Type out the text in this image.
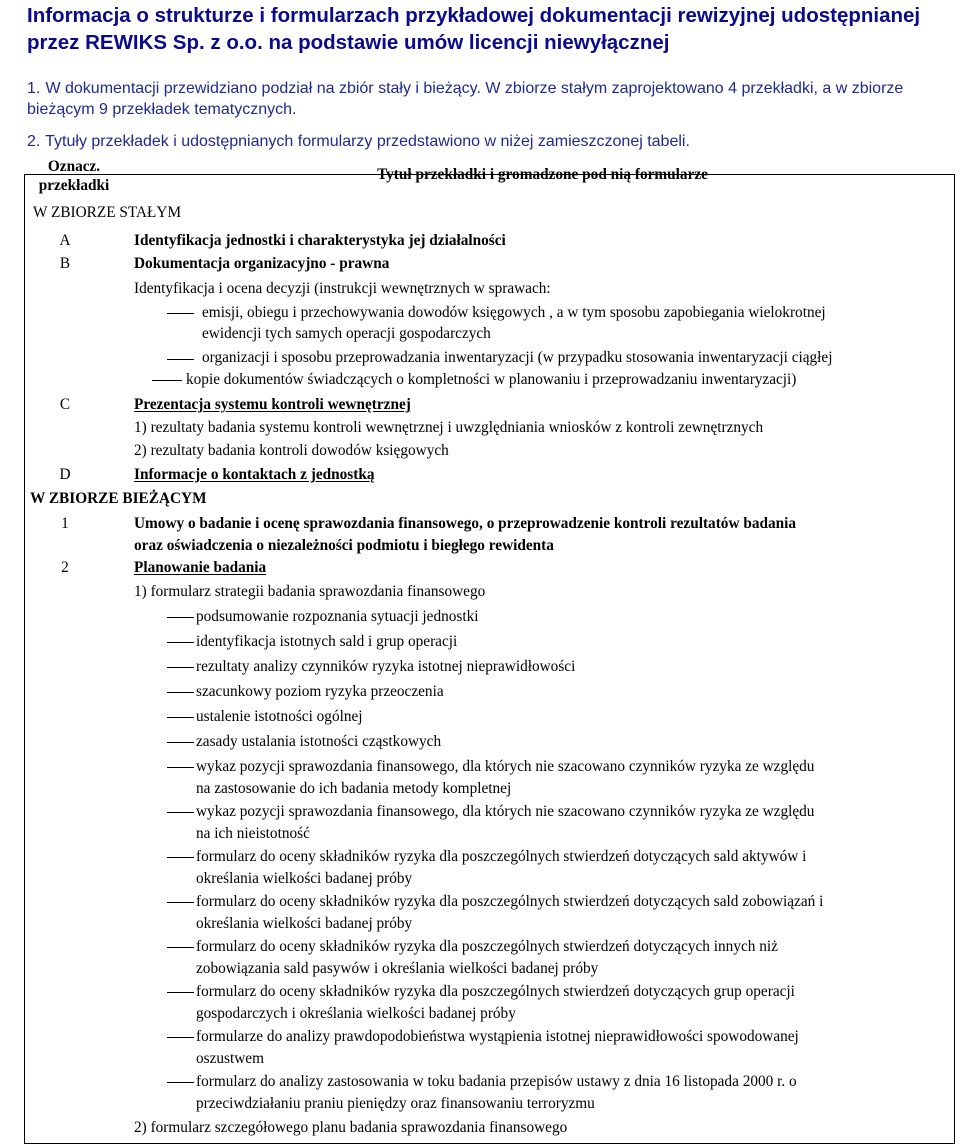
Informacja o strukturze i formularzach przykładowej dokumentacji rewizyjnej udostępnianej przez REWIKS Sp. z o.o. na podstawie umów licencji niewyłącznej
1. W dokumentacji przewidziano podział na zbiór stały i bieżący. W zbiorze stałym zaprojektowano 4 przekładki, a w zbiorze bieżącym 9 przekładek tematycznych.
2. Tytuły przekładek i udostępnianych formularzy przedstawiono w niżej zamieszczonej tabeli.
Oznacz.
przekładki
Tytuł przekładki i gromadzone pod nią formularze
W ZBIORZE STAŁYM
A	Identyfikacja jednostki i charakterystyka jej działalności
B	Dokumentacja organizacyjno - prawna
Identyfikacja i ocena decyzji (instrukcji wewnętrznych w sprawach:
emisji, obiegu i przechowywania dowodów księgowych , a w tym sposobu zapobiegania wielokrotnej
ewidencji tych samych operacji gospodarczych
organizacji i sposobu przeprowadzania inwentaryzacji (w przypadku stosowania inwentaryzacji ciągłej
kopie dokumentów świadczących o kompletności w planowaniu i przeprowadzaniu inwentaryzacji)
C	Prezentacja systemu kontroli wewnętrznej
1) rezultaty badania systemu kontroli wewnętrznej i uwzględniania wniosków z kontroli zewnętrznych
2) rezultaty badania kontroli dowodów księgowych
D	Informacje o kontaktach z jednostką
W ZBIORZE BIEŻĄCYM
1	Umowy o badanie i ocenę sprawozdania finansowego, o przeprowadzenie kontroli rezultatów badania
oraz oświadczenia o niezależności podmiotu i biegłego rewidenta
2	Planowanie badania
1) formularz strategii badania sprawozdania finansowego
podsumowanie rozpoznania sytuacji jednostki
identyfikacja istotnych sald i grup operacji
rezultaty analizy czynników ryzyka istotnej nieprawidłowości
szacunkowy poziom ryzyka przeoczenia
ustalenie istotności ogólnej
zasady ustalania istotności cząstkowych
wykaz pozycji sprawozdania finansowego, dla których nie szacowano czynników ryzyka ze względu
na zastosowanie do ich badania metody kompletnej
wykaz pozycji sprawozdania finansowego, dla których nie szacowano czynników ryzyka ze względu
na ich nieistotność
formularz do oceny składników ryzyka dla poszczególnych stwierdzeń dotyczących sald aktywów i
określania wielkości badanej próby
formularz do oceny składników ryzyka dla poszczególnych stwierdzeń dotyczących sald zobowiązań i
określania wielkości badanej próby
formularz do oceny składników ryzyka dla poszczególnych stwierdzeń dotyczących innych niż
zobowiązania sald pasywów i określania wielkości badanej próby
formularz do oceny składników ryzyka dla poszczególnych stwierdzeń dotyczących grup operacji
gospodarczych i określania wielkości badanej próby
formularze do analizy prawdopodobieństwa wystąpienia istotnej nieprawidłowości spowodowanej
oszustwem
formularz do analizy zastosowania w toku badania przepisów ustawy z dnia 16 listopada 2000 r. o
przeciwdziałaniu praniu pieniędzy oraz finansowaniu terroryzmu
2) formularz szczegółowego planu badania sprawozdania finansowego
